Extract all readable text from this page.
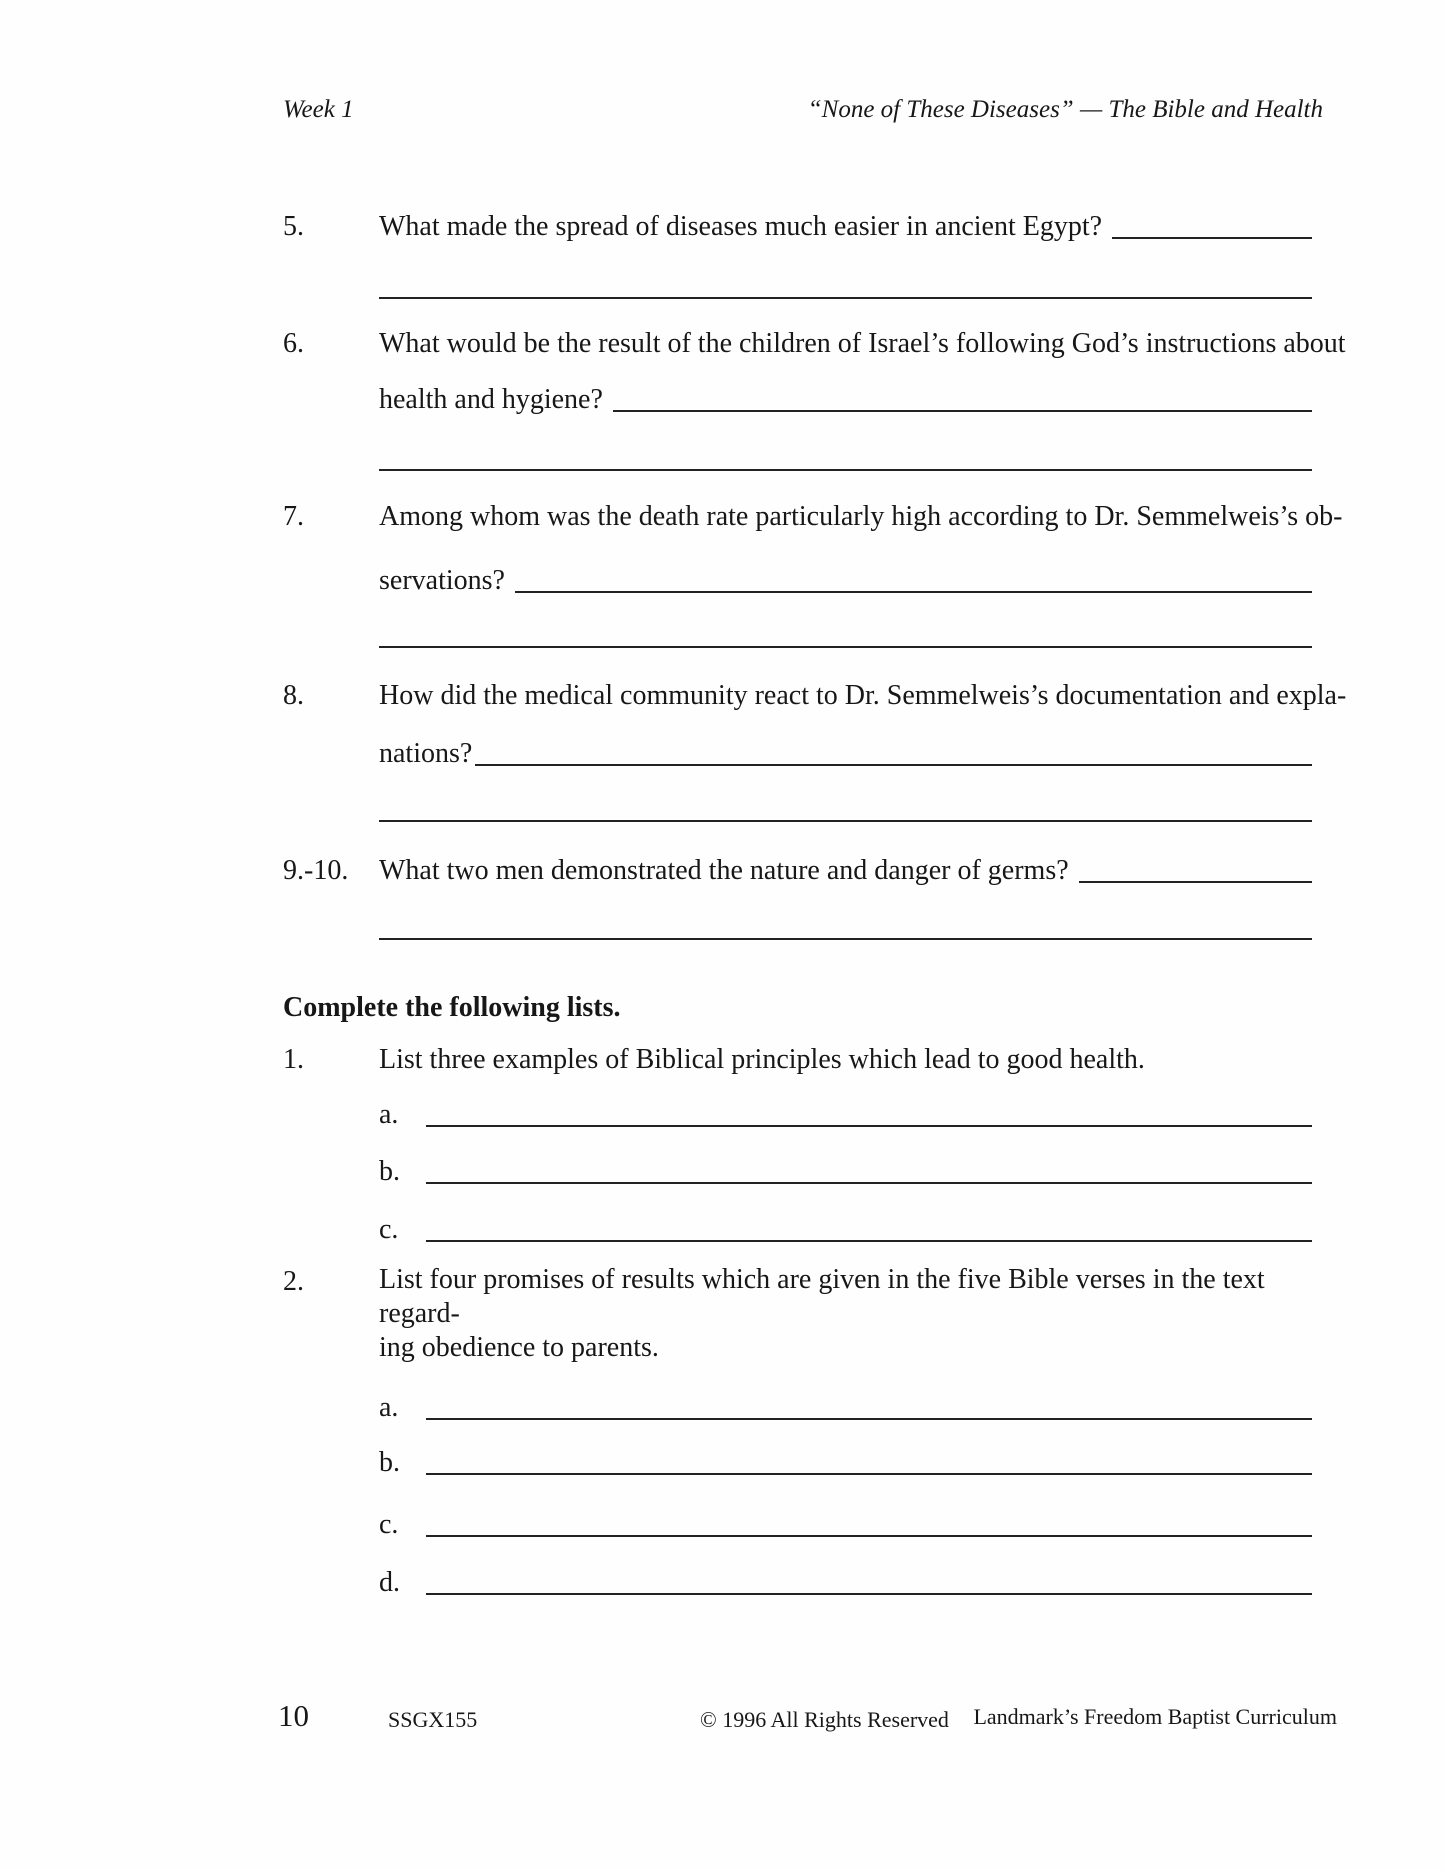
Week 1	“None of These Diseases” — The Bible and Health
5.	What made the spread of diseases much easier in ancient Egypt?
6.	What would be the result of the children of Israel’s following God’s instructions about
health and hygiene?
7.	Among whom was the death rate particularly high according to Dr. Semmelweis’s ob-
servations?
8.	How did the medical community react to Dr. Semmelweis’s documentation and expla-
nations?
9.-10.	What two men demonstrated the nature and danger of germs?
Complete the following lists.
1.	List three examples of Biblical principles which lead to good health.
a.
b.
c.
2.	List four promises of results which are given in the five Bible verses in the text regard-
ing obedience to parents.
a.
b.
c.
d.
10	SSGX155	© 1996 All Rights Reserved Landmark’s Freedom Baptist Curriculum
